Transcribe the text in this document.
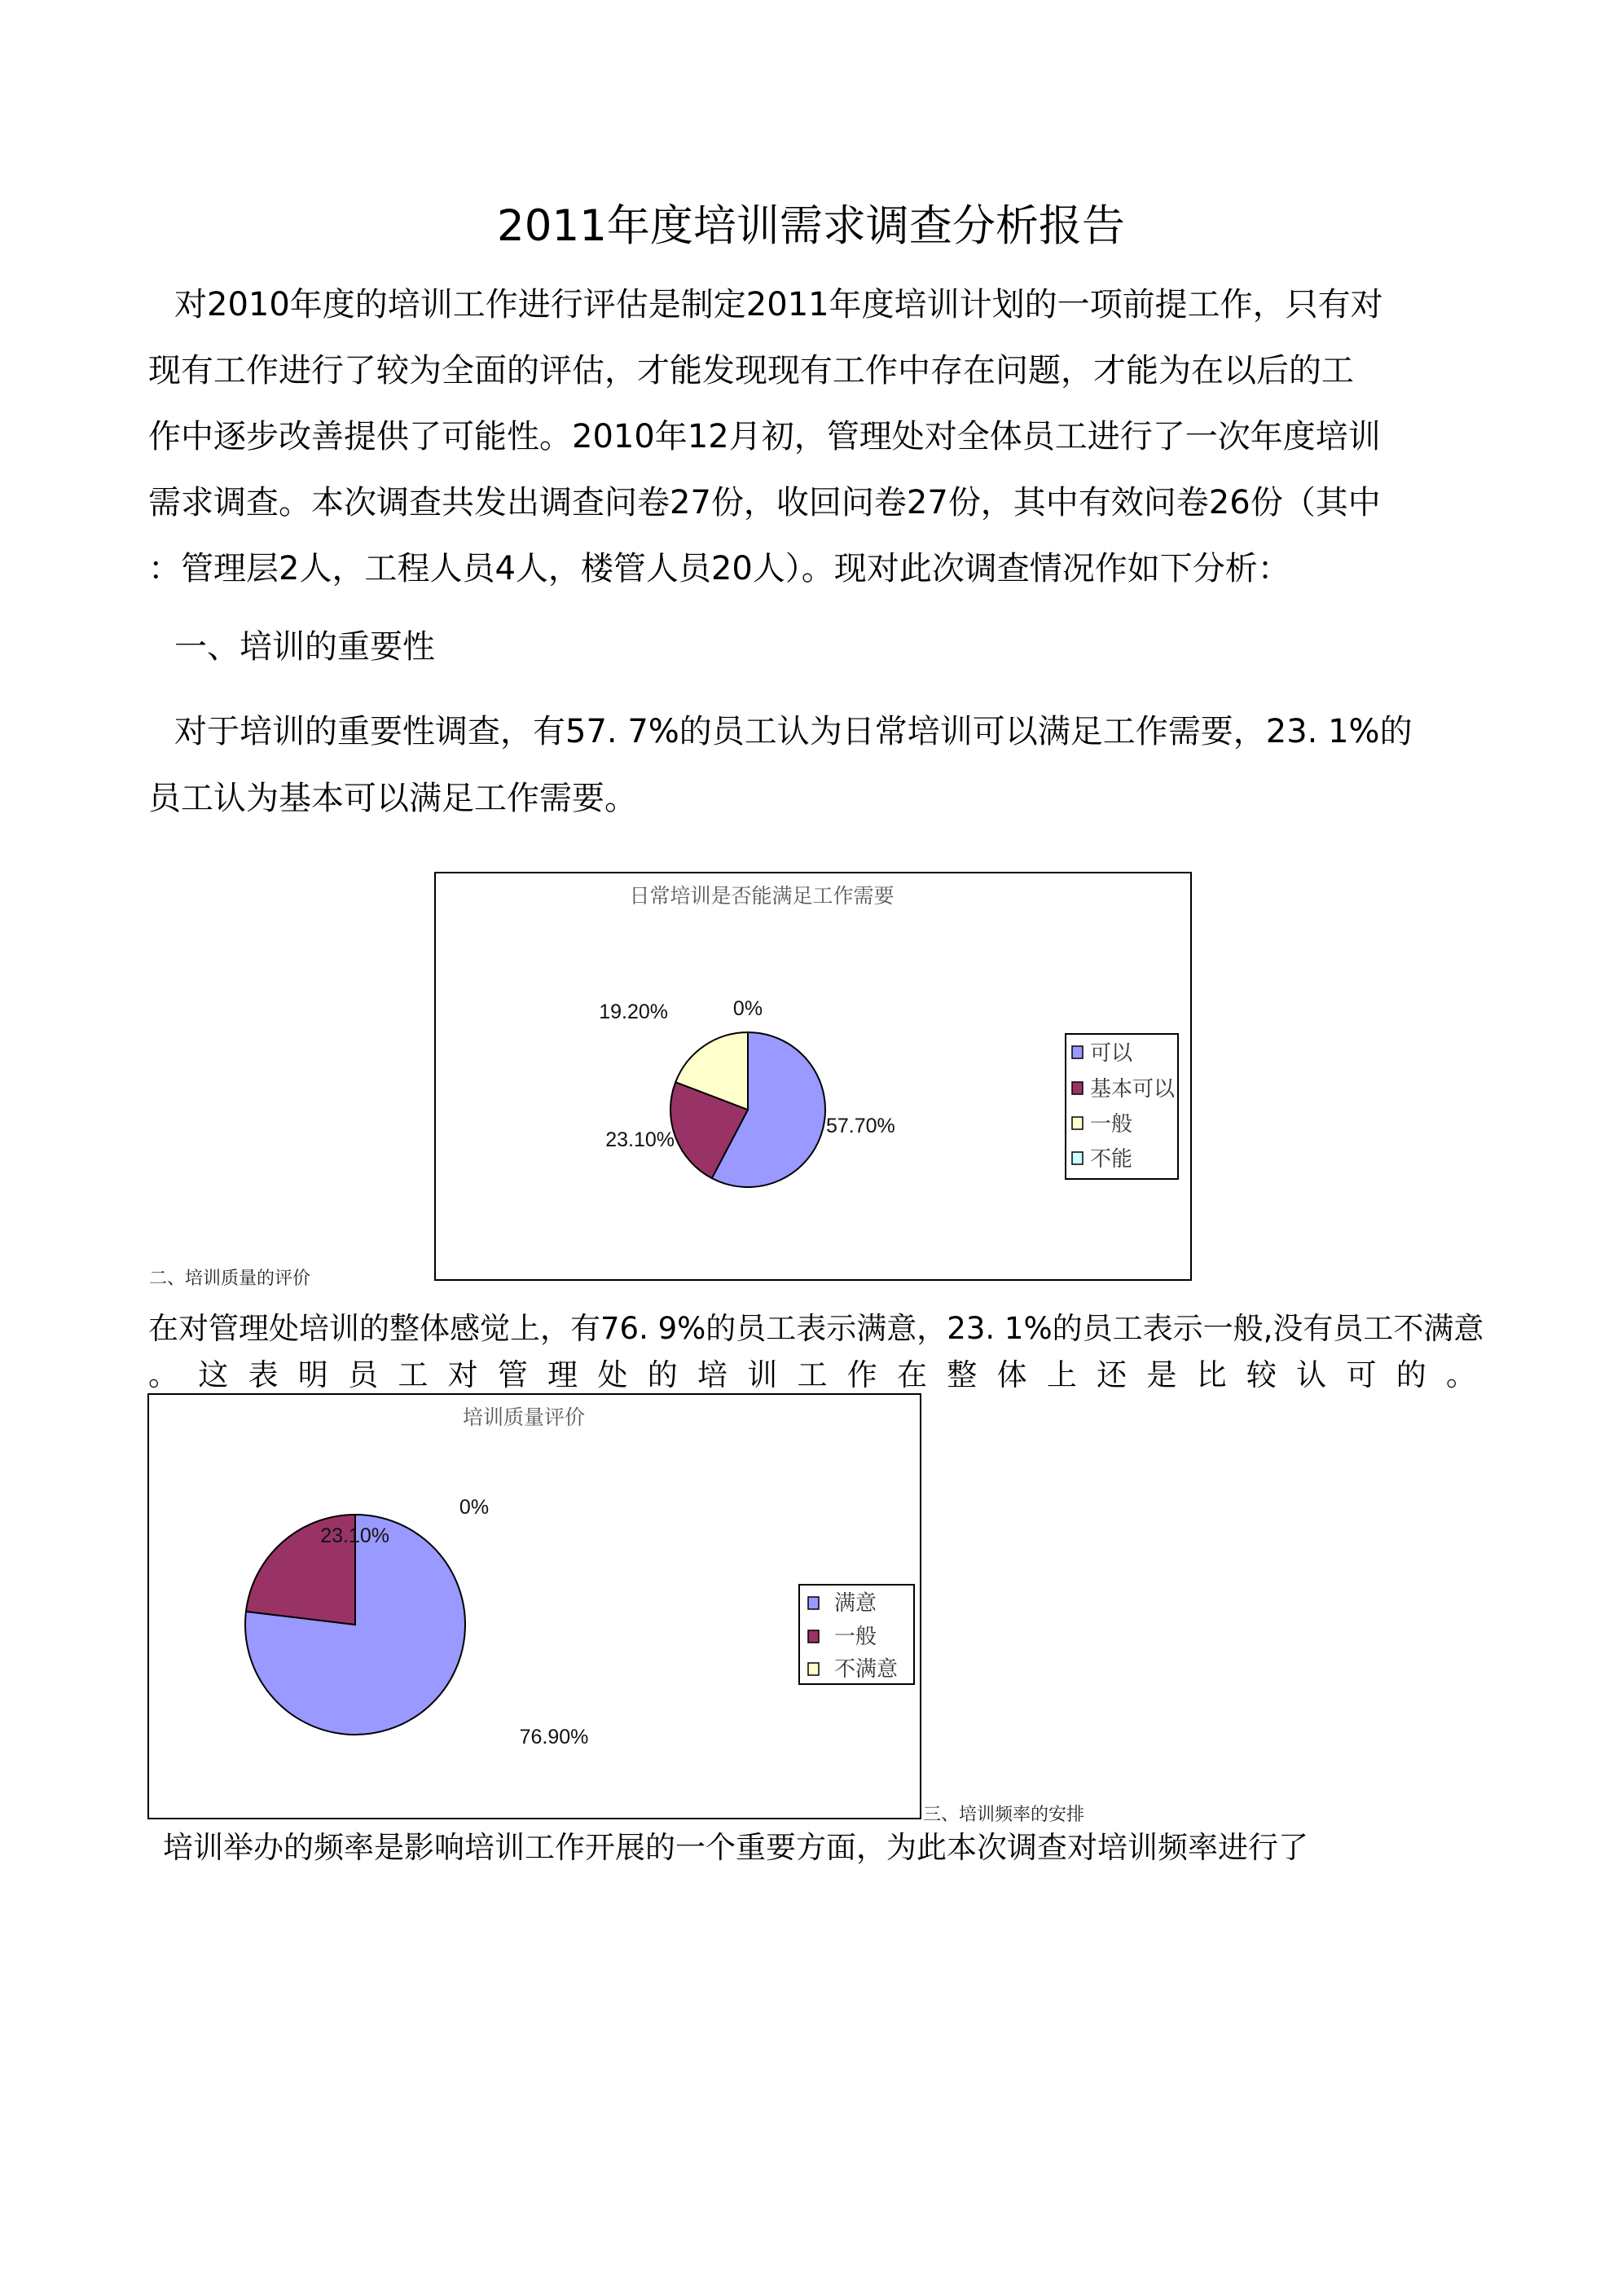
2011年度培训需求调查分析报告
对2010年度的培训工作进行评估是制定2011年度培训计划的一项前提工作，只有对
现有工作进行了较为全面的评估，才能发现现有工作中存在问题，才能为在以后的工
作中逐步改善提供了可能性。2010年12月初，管理处对全体员工进行了一次年度培训
需求调查。本次调查共发出调查问卷27份，收回问卷27份，其中有效问卷26份（其中
：管理层2人，工程人员4人，楼管人员20人）。现对此次调查情况作如下分析：
一、培训的重要性
对于培训的重要性调查，有57. 7%的员工认为日常培训可以满足工作需要，23. 1%的
员工认为基本可以满足工作需要。
日常培训是否能满足工作需要
0%
19.20%
23.10%
57.70%
可以
基本可以
一般
不能
二、培训质量的评价
在对管理处培训的整体感觉上，有76. 9%的员工表示满意，23. 1%的员工表示一般,没有员工不满意
。 这 表 明 员 工 对 管 理 处 的 培 训 工 作 在 整 体 上 还 是 比 较 认 可 的 。
培训质量评价
0%
23.10%
76.90%
满意
一般
不满意
三、培训频率的安排
培训举办的频率是影响培训工作开展的一个重要方面，为此本次调查对培训频率进行了
